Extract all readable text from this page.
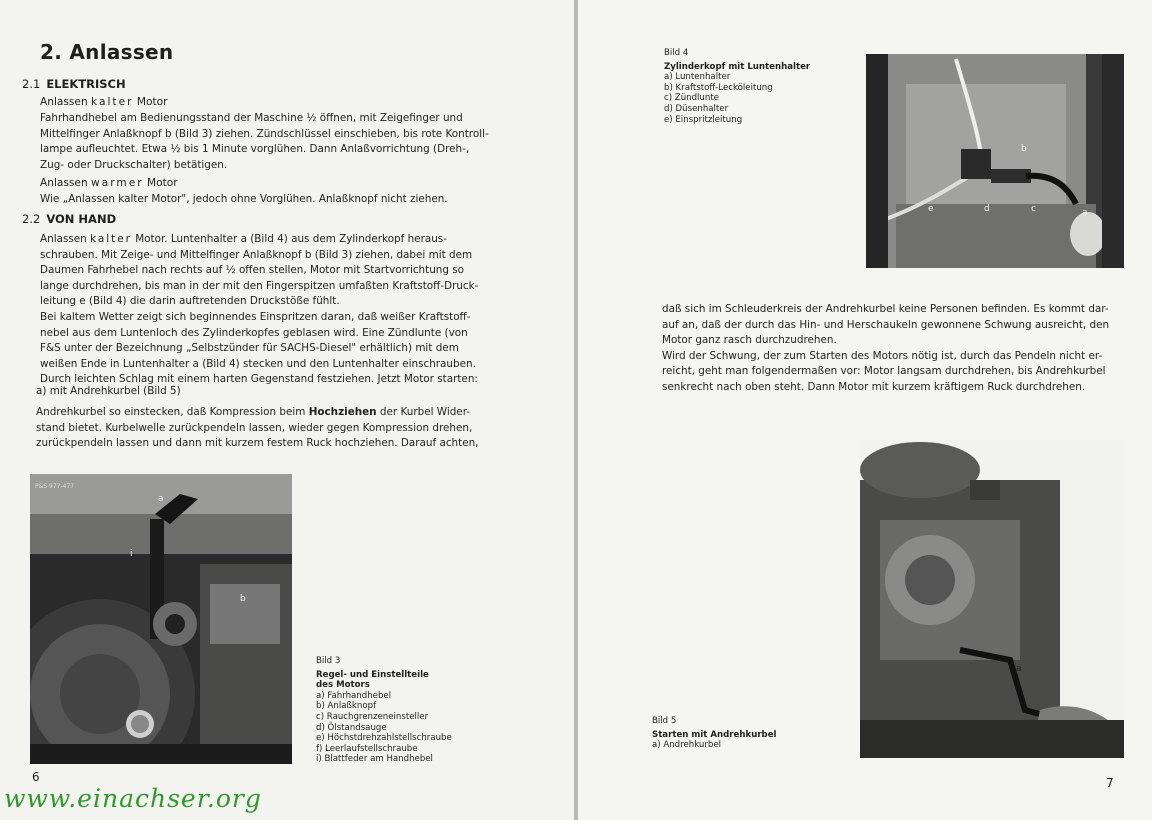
2. Anlassen
2.1 ELEKTRISCH
Anlassen kalter Motor
Fahrhandhebel am Bedienungsstand der Maschine ½ öffnen, mit Zeigefinger und
Mittelfinger Anlaßknopf b (Bild 3) ziehen. Zündschlüssel einschieben, bis rote Kontroll-
lampe aufleuchtet. Etwa ½ bis 1 Minute vorglühen. Dann Anlaßvorrichtung (Dreh-,
Zug- oder Druckschalter) betätigen.
Anlassen warmer Motor
Wie „Anlassen kalter Motor", jedoch ohne Vorglühen. Anlaßknopf nicht ziehen.
2.2 VON HAND
Anlassen kalter Motor. Luntenhalter a (Bild 4) aus dem Zylinderkopf heraus-
schrauben. Mit Zeige- und Mittelfinger Anlaßknopf b (Bild 3) ziehen, dabei mit dem
Daumen Fahrhebel nach rechts auf ½ offen stellen, Motor mit Startvorrichtung so
lange durchdrehen, bis man in der mit den Fingerspitzen umfaßten Kraftstoff-Druck-
leitung e (Bild 4) die darin auftretenden Druckstöße fühlt.
Bei kaltem Wetter zeigt sich beginnendes Einspritzen daran, daß weißer Kraftstoff-
nebel aus dem Luntenloch des Zylinderkopfes geblasen wird. Eine Zündlunte (von
F&S unter der Bezeichnung „Selbstzünder für SACHS-Diesel" erhältlich) mit dem
weißen Ende in Luntenhalter a (Bild 4) stecken und den Luntenhalter einschrauben.
Durch leichten Schlag mit einem harten Gegenstand festziehen. Jetzt Motor starten:
a) mit Andrehkurbel (Bild 5)
Andrehkurbel so einstecken, daß Kompression beim Hochziehen der Kurbel Wider-
stand bietet. Kurbelwelle zurückpendeln lassen, wieder gegen Kompression drehen,
zurückpendeln lassen und dann mit kurzem festem Ruck hochziehen. Darauf achten,
P&S 977-477
a
b
i
Bild 3
Regel- und Einstellteile
des Motors
a) Fahrhandhebel
b) Anlaßknopf
c) Rauchgrenzeneinsteller
d) Ölstandsauge
e) Höchstdrehzahlstellschraube
f) Leerlaufstellschraube
i) Blattfeder am Handhebel
6
Bild 4
Zylinderkopf mit Luntenhalter
a) Luntenhalter
b) Kraftstoff-Lecköleitung
c) Zündlunte
d) Düsenhalter
e) Einspritzleitung
a
b
c
d
e
daß sich im Schleuderkreis der Andrehkurbel keine Personen befinden. Es kommt dar-
auf an, daß der durch das Hin- und Herschaukeln gewonnene Schwung ausreicht, den
Motor ganz rasch durchzudrehen.
Wird der Schwung, der zum Starten des Motors nötig ist, durch das Pendeln nicht er-
reicht, geht man folgendermaßen vor: Motor langsam durchdrehen, bis Andrehkurbel
senkrecht nach oben steht. Dann Motor mit kurzem kräftigem Ruck durchdrehen.
a
Bild 5
Starten mit Andrehkurbel
a) Andrehkurbel
7
www.einachser.org
